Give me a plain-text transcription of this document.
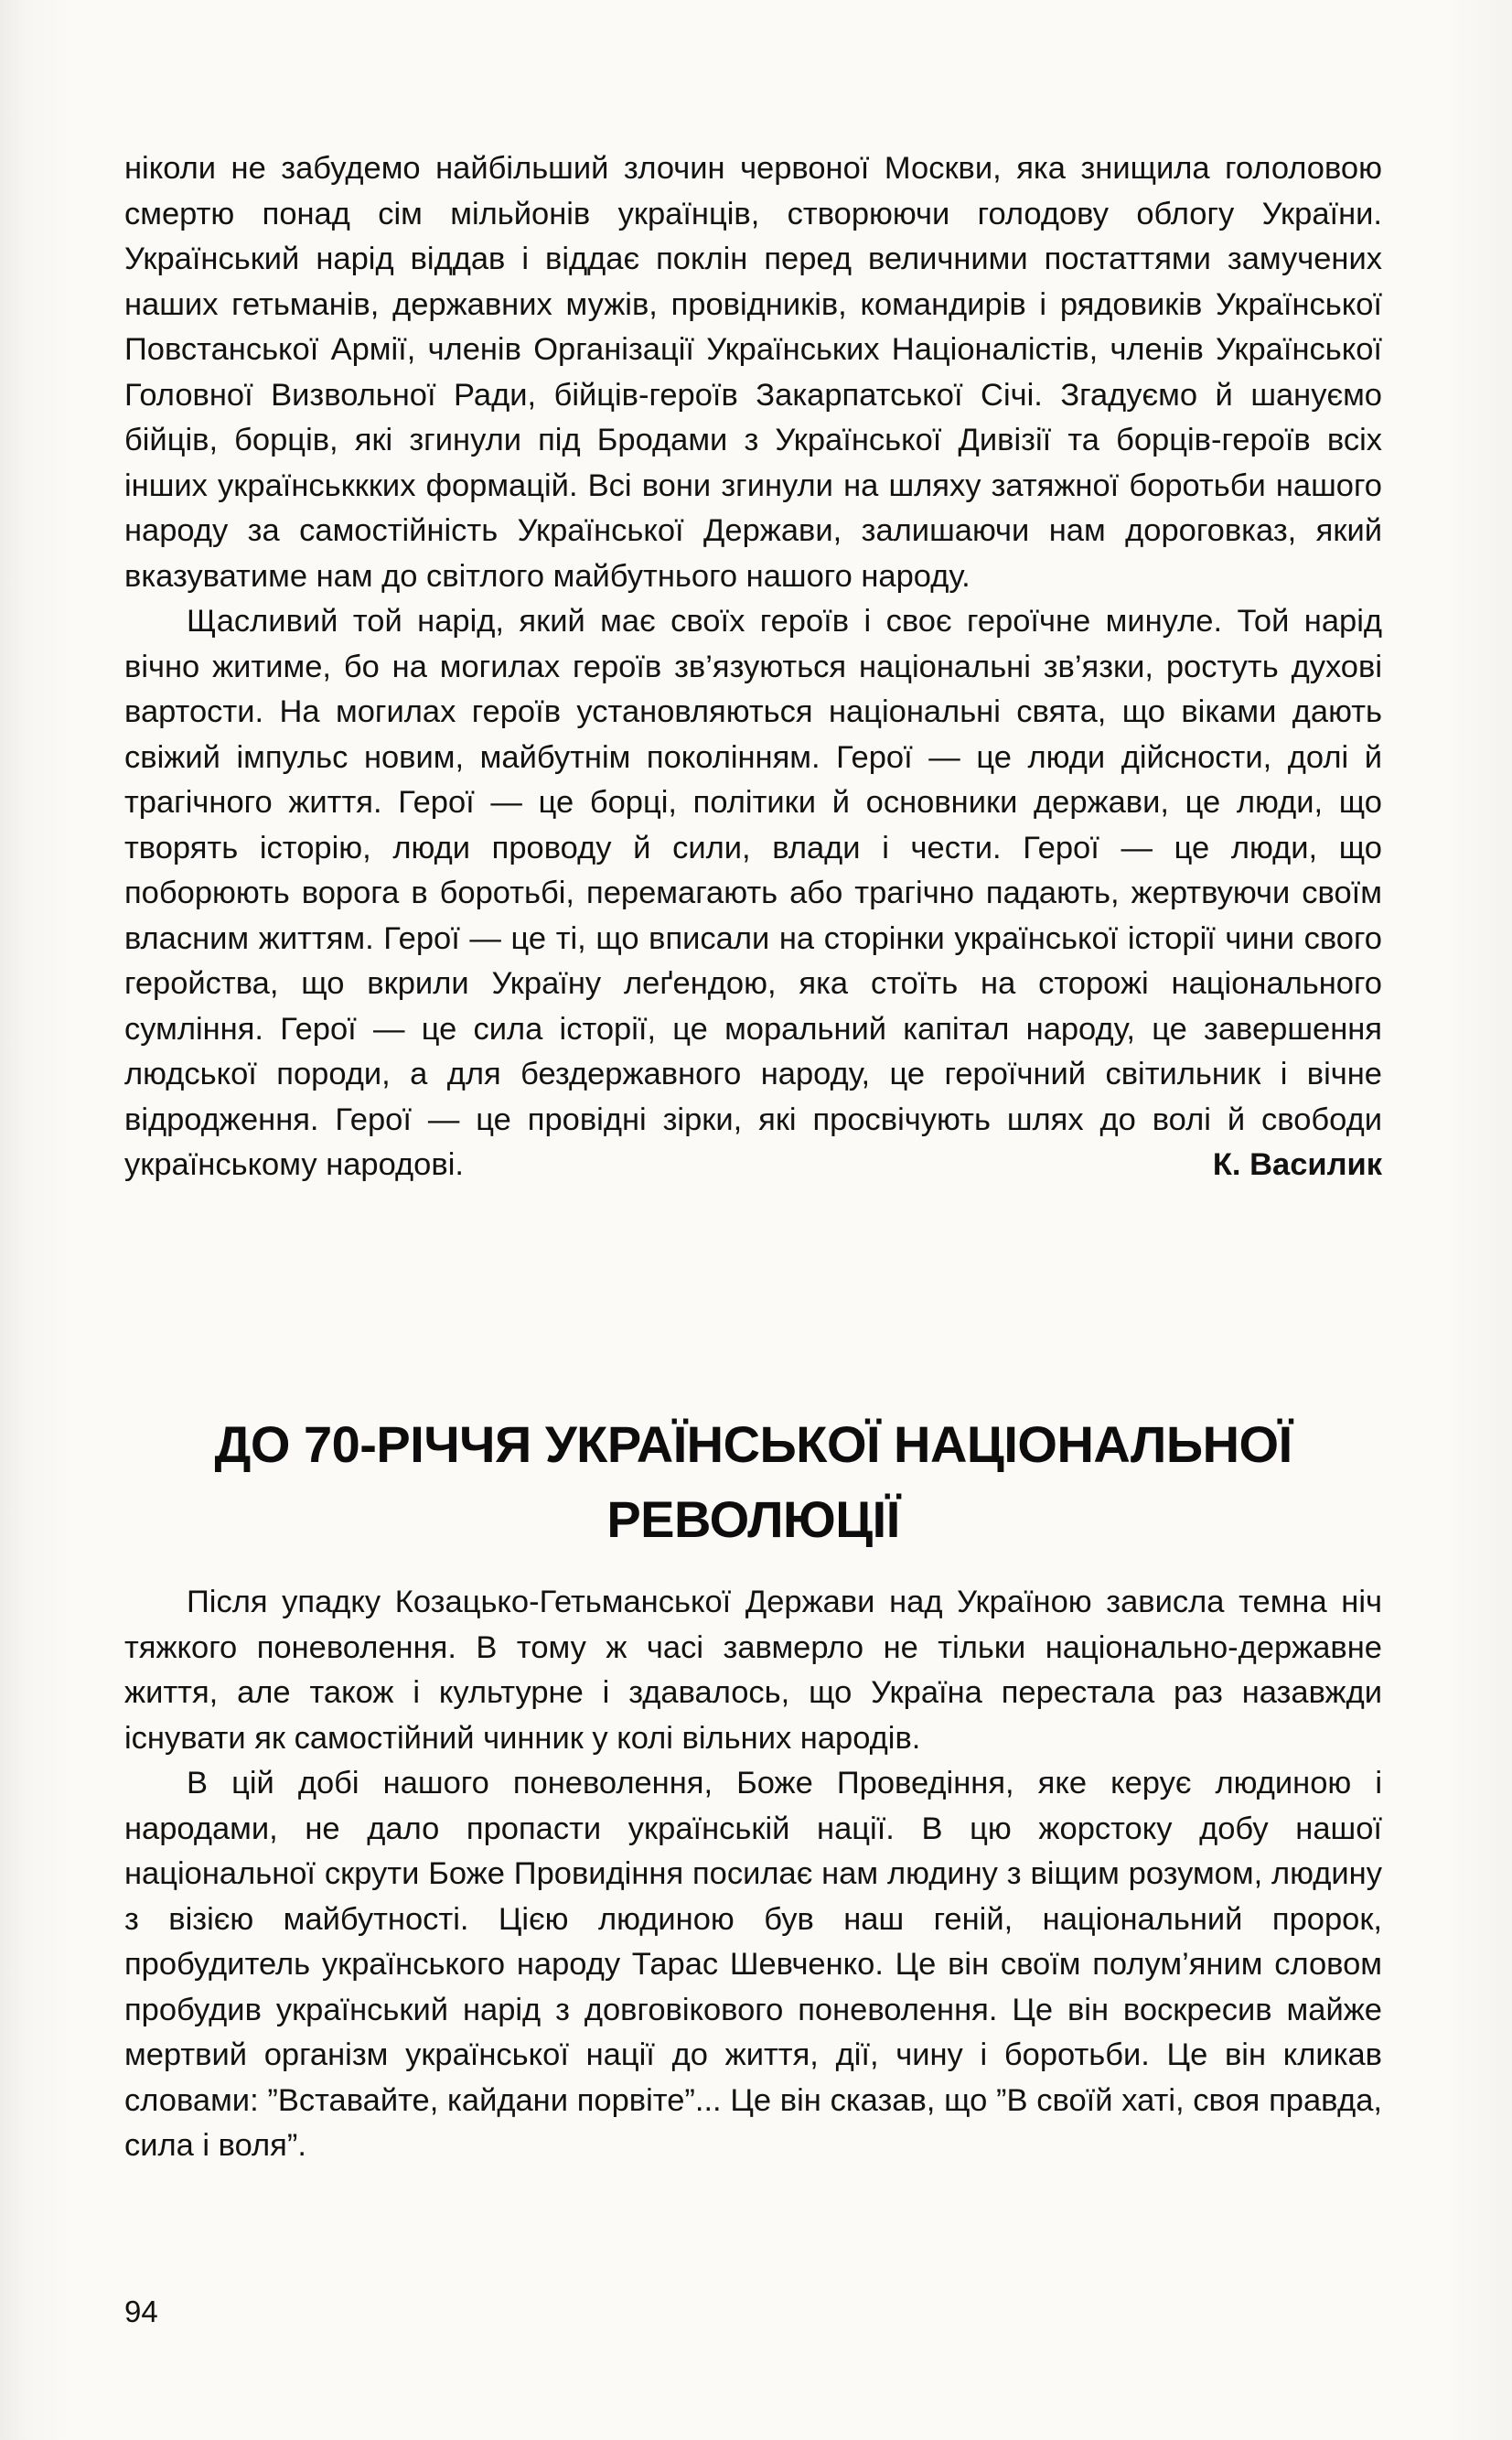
ніколи не забудемо найбільший злочин червоної Москви, яка знищила гололовою смертю понад сім мільйонів українців, створюючи голодову облогу України. Український нарід віддав і віддає поклін перед величними постаттями замучених наших гетьманів, державних мужів, провідників, командирів і рядовиків Української Повстанської Армії, членів Організації Українських Націоналістів, членів Української Головної Визвольної Ради, бійців-героїв Закарпатської Січі. Згадуємо й шануємо бійців, борців, які згинули під Бродами з Української Дивізії та борців-героїв всіх інших українськкких формацій. Всі вони згинули на шляху затяжної боротьби нашого народу за самостійність Української Держави, залишаючи нам дороговказ, який вказуватиме нам до світлого майбутнього нашого народу.

Щасливий той нарід, який має своїх героїв і своє героїчне минуле. Той нарід вічно житиме, бо на могилах героїв зв’язуються національні зв’язки, ростуть духові вартости. На могилах героїв установляються національні свята, що віками дають свіжий імпульс новим, майбутнім поколінням. Герої — це люди дійсности, долі й трагічного життя. Герої — це борці, політики й основники держави, це люди, що творять історію, люди проводу й сили, влади і чести. Герої — це люди, що поборюють ворога в боротьбі, перемагають або трагічно падають, жертвуючи своїм власним життям. Герої — це ті, що вписали на сторінки української історії чини свого геройства, що вкрили Україну леґендою, яка стоїть на сторожі національного сумління. Герої — це сила історії, це моральний капітал народу, це завершення людської породи, а для бездержавного народу, це героїчний світильник і вічне відродження. Герої — це провідні зірки, які просвічують шлях до волі й свободи українському народові.	К. Василик

ДО 70-РІЧЧЯ УКРАЇНСЬКОЇ НАЦІОНАЛЬНОЇ
РЕВОЛЮЦІЇ

Після упадку Козацько-Гетьманської Держави над Україною зависла темна ніч тяжкого поневолення. В тому ж часі завмерло не тільки національно-державне життя, але також і культурне і здавалось, що Україна перестала раз назавжди існувати як самостійний чинник у колі вільних народів.

В цій добі нашого поневолення, Боже Проведіння, яке керує людиною і народами, не дало пропасти українській нації. В цю жорстоку добу нашої національної скрути Боже Провидіння посилає нам людину з віщим розумом, людину з візією майбутності. Цією людиною був наш геній, національний пророк, пробудитель українського народу Тарас Шевченко. Це він своїм полум’яним словом пробудив український нарід з довговікового поневолення. Це він воскресив майже мертвий організм української нації до життя, дії, чину і боротьби. Це він кликав словами: ”Вставайте, кайдани порвіте”... Це він сказав, що ”В своїй хаті, своя правда, сила і воля”.

94
